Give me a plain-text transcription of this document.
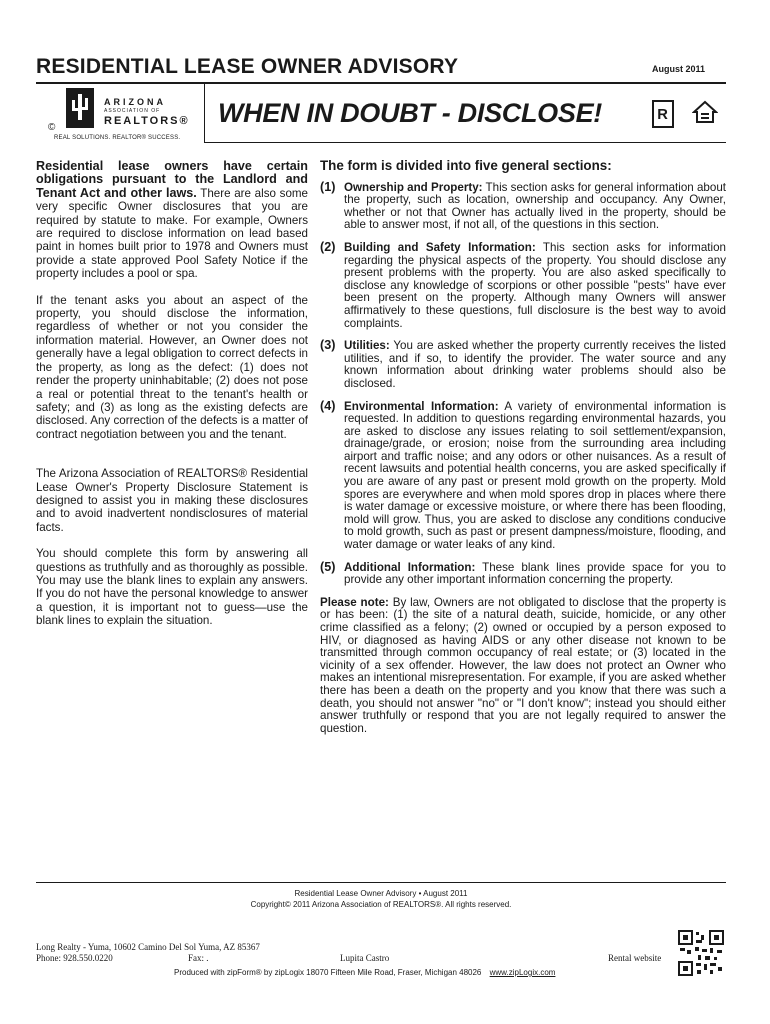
RESIDENTIAL LEASE OWNER ADVISORY	August 2011
©
ARIZONA
ASSOCIATION OF
REALTORS®
REAL SOLUTIONS. REALTOR® SUCCESS.
WHEN IN DOUBT - DISCLOSE!	R

Residential lease owners have certain obligations pursuant to the Landlord and Tenant Act and other laws. There are also some very specific Owner disclosures that you are required by statute to make. For example, Owners are required to disclose information on lead based paint in homes built prior to 1978 and Owners must provide a state approved Pool Safety Notice if the property includes a pool or spa.

If the tenant asks you about an aspect of the property, you should disclose the information, regardless of whether or not you consider the information material. However, an Owner does not generally have a legal obligation to correct defects in the property, as long as the defect: (1) does not render the property uninhabitable; (2) does not pose a real or potential threat to the tenant's health or safety; and (3) as long as the existing defects are disclosed. Any correction of the defects is a matter of contract negotiation between you and the tenant.

The Arizona Association of REALTORS® Residential Lease Owner's Property Disclosure Statement is designed to assist you in making these disclosures and to avoid inadvertent nondisclosures of material facts.

You should complete this form by answering all questions as truthfully and as thoroughly as possible. You may use the blank lines to explain any answers. If you do not have the personal knowledge to answer a question, it is important not to guess—use the blank lines to explain the situation.

The form is divided into five general sections:
(1) Ownership and Property: This section asks for general information about the property, such as location, ownership and occupancy. Any Owner, whether or not that Owner has actually lived in the property, should be able to answer most, if not all, of the questions in this section.
(2) Building and Safety Information: This section asks for information regarding the physical aspects of the property. You should disclose any present problems with the property. You are also asked specifically to disclose any knowledge of scorpions or other possible "pests" have ever been present on the property. Although many Owners will answer affirmatively to these questions, full disclosure is the best way to avoid complaints.
(3) Utilities: You are asked whether the property currently receives the listed utilities, and if so, to identify the provider. The water source and any known information about drinking water problems should also be disclosed.
(4) Environmental Information: A variety of environmental information is requested. In addition to questions regarding environmental hazards, you are asked to disclose any issues relating to soil settlement/expansion, drainage/grade, or erosion; noise from the surrounding area including airport and traffic noise; and any odors or other nuisances. As a result of recent lawsuits and potential health concerns, you are asked specifically if you are aware of any past or present mold growth on the property. Mold spores are everywhere and when mold spores drop in places where there is water damage or excessive moisture, or where there has been flooding, mold will grow. Thus, you are asked to disclose any conditions conducive to mold growth, such as past or present dampness/moisture, flooding, and water damage or water leaks of any kind.
(5) Additional Information: These blank lines provide space for you to provide any other important information concerning the property.

Please note: By law, Owners are not obligated to disclose that the property is or has been: (1) the site of a natural death, suicide, homicide, or any other crime classified as a felony; (2) owned or occupied by a person exposed to HIV, or diagnosed as having AIDS or any other disease not known to be transmitted through common occupancy of real estate; or (3) located in the vicinity of a sex offender. However, the law does not protect an Owner who makes an intentional misrepresentation. For example, if you are asked whether there has been a death on the property and you know that there was such a death, you should not answer "no" or "I don't know"; instead you should either answer truthfully or respond that you are not legally required to answer the question.

Residential Lease Owner Advisory • August 2011
Copyright© 2011 Arizona Association of REALTORS®. All rights reserved.
Long Realty - Yuma, 10602 Camino Del Sol Yuma, AZ 85367
Phone: 928.550.0220	Fax: .	Lupita Castro	Rental website
Produced with zipForm® by zipLogix 18070 Fifteen Mile Road, Fraser, Michigan 48026 www.zipLogix.com
